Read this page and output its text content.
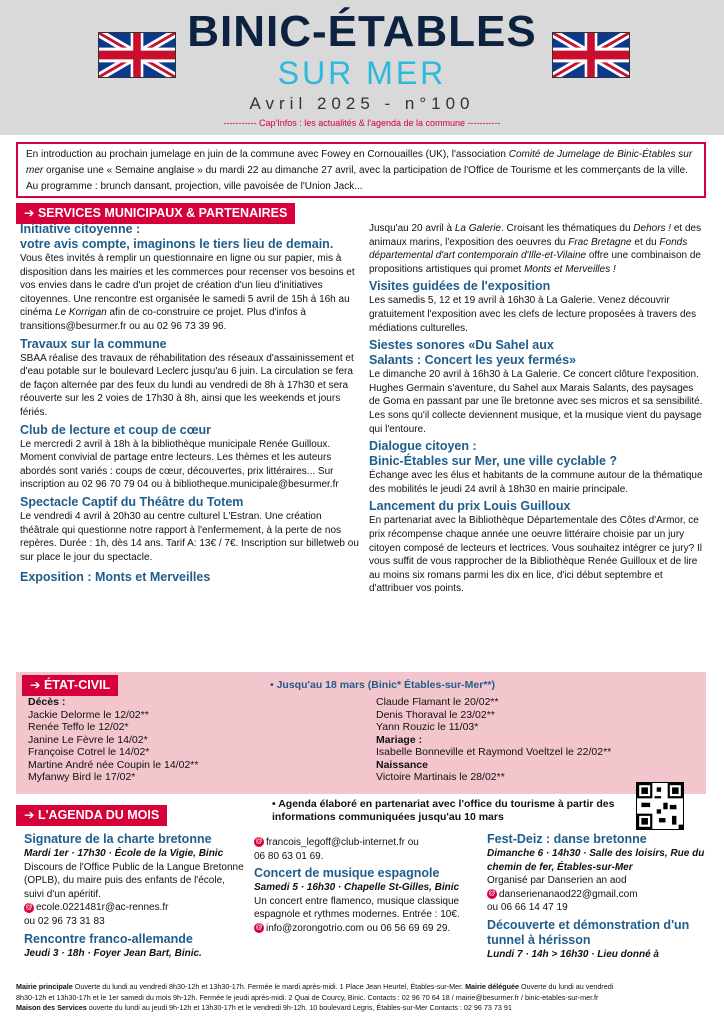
BINIC-ÉTABLES
SUR MER
Avril 2025 - n°100
----------- Cap'Infos : les actualités & l'agenda de la commune -----------
En introduction au prochain jumelage en juin de la commune avec Fowey en Cornouailles (UK), l'association Comité de Jumelage de Binic-Étables sur mer organise une « Semaine anglaise » du mardi 22 au dimanche 27 avril, avec la participation de l'Office de Tourisme et les commerçants de la ville. Au programme : brunch dansant, projection, ville pavoisée de l'Union Jack...
➔ SERVICES MUNICIPAUX & PARTENAIRES
Initiative citoyenne :
votre avis compte, imaginons le tiers lieu de demain.

Vous êtes invités à remplir un questionnaire en ligne ou sur papier, mis à disposition dans les mairies et les commerces pour recenser vos besoins et vos envies dans le cadre d'un projet de création d'un lieu d'initiatives citoyennes. Une rencontre est organisée le samedi 5 avril de 15h à 16h au cinéma Le Korrigan afin de co-construire ce projet. Plus d'infos à transitions@besurmer.fr ou au 02 96 73 39 96.

Travaux sur la commune

SBAA réalise des travaux de réhabilitation des réseaux d'assainissement et d'eau potable sur le boulevard Leclerc jusqu'au 6 juin. La circulation se fera de façon alternée par des feux du lundi au vendredi de 8h à 17h30 et sera réouverte sur les 2 voies de 17h30 à 8h, ainsi que les weekends et jours fériés.

Club de lecture et coup de cœur

Le mercredi 2 avril à 18h à la bibliothèque municipale Renée Guilloux. Moment convivial de partage entre lecteurs. Les thèmes et les auteurs abordés sont variés : coups de cœur, découvertes, prix littéraires... Sur inscription au 02 96 70 79 04 ou à bibliotheque.municipale@besurmer.fr

Spectacle Captif du Théâtre du Totem

Le vendredi 4 avril à 20h30 au centre culturel L'Estran. Une création théâtrale qui questionne notre rapport à l'enfermement, à la perte de nos repères. Durée : 1h, dès 14 ans. Tarif A: 13€ / 7€. Inscription sur billetweb ou sur place le jour du spectacle.

Exposition : Monts et Merveilles

Jusqu'au 20 avril à La Galerie. Croisant les thématiques du Dehors ! et des animaux marins, l'exposition des oeuvres du Frac Bretagne et du Fonds départemental d'art contemporain d'Ille-et-Vilaine offre une combinaison de propositions artistiques qui promet Monts et Merveilles !

Visites guidées de l'exposition

Les samedis 5, 12 et 19 avril à 16h30 à La Galerie. Venez découvrir gratuitement l'exposition avec les clefs de lecture proposées à travers des médiations culturelles.

Siestes sonores «Du Sahel aux
Salants : Concert les yeux fermés»

Le dimanche 20 avril à 16h30 à La Galerie. Ce concert clôture l'exposition. Hughes Germain s'aventure, du Sahel aux Marais Salants, des paysages de Goma en passant par une île bretonne avec ses micros et sa sensibilité. Les sons qu'il collecte deviennent musique, et la musique vient du paysage qui l'entoure.

Dialogue citoyen :
Binic-Étables sur Mer, une ville cyclable ?

Échange avec les élus et habitants de la commune autour de la thématique des mobilités le jeudi 24 avril à 18h30 en mairie principale.

Lancement du prix Louis Guilloux

En partenariat avec la Bibliothèque Départementale des Côtes d'Armor, ce prix récompense chaque année une oeuvre littéraire choisie par un jury citoyen composé de lecteurs et lectrices. Vous souhaitez intégrer ce jury? Il vous suffit de vous rapprocher de la Bibliothèque Renée Guilloux et de lire au moins six romans parmi les dix en lice, d'ici début septembre et d'attribuer vos points.

➔ ÉTAT-CIVIL	• Jusqu'au 18 mars (Binic* Étables-sur-Mer**)
Décès :
Jackie Delorme le 12/02**
Renée Teffo le 12/02*
Janine Le Fèvre le 14/02*
Françoise Cotrel le 14/02*
Martine André née Coupin le 14/02**
Myfanwy Bird le 17/02*
Claude Flamant le 20/02**
Denis Thoraval le 23/02**
Yann Rouzic le 11/03*
Mariage :
Isabelle Bonneville et Raymond Voeltzel le 22/02**
Naissance
Victoire Martinais le 28/02**
➔ L'AGENDA DU MOIS
• Agenda élaboré en partenariat avec l'office du tourisme à partir des informations communiquées jusqu'au 10 mars
Signature de la charte bretonne

Mardi 1er · 17h30 · École de la Vigie, Binic

Discours de l'Office Public de la Langue Bretonne (OPLB), du maire puis des enfants de l'école, suivi d'un apéritif.

@ ecole.0221481r@ac-rennes.fr

ou 02 96 73 31 83

Rencontre franco-allemande

Jeudi 3 · 18h · Foyer Jean Bart, Binic.

@ francois_legoff@club-internet.fr ou

06 80 63 01 69.

Concert de musique espagnole

Samedi 5 · 16h30 · Chapelle St-Gilles, Binic

Un concert entre flamenco, musique classique espagnole et rythmes modernes. Entrée : 10€.

@ info@zorongotrio.com ou 06 56 69 69 29.

Fest-Deiz : danse bretonne

Dimanche 6 · 14h30 · Salle des loisirs, Rue du chemin de fer, Étables-sur-Mer

Organisé par Danserien an aod

@ danserienanaod22@gmail.com

ou 06 66 14 47 19

Découverte et démonstration d'un tunnel à hérisson

Lundi 7 · 14h > 16h30 · Lieu donné à

Mairie principale Ouverte du lundi au vendredi 8h30-12h et 13h30-17h. Fermée le mardi après-midi. 1 Place Jean Heurtel, Étables-sur-Mer. Mairie déléguée Ouverte du lundi au vendredi
8h30-12h et 13h30-17h et le 1er samedi du mois 9h-12h. Fermée le jeudi après-midi. 2 Quai de Courcy, Binic. Contacts : 02 96 70 64 18 / mairie@besurmer.fr / binic-etables-sur-mer.fr
Maison des Services ouverte du lundi au jeudi 9h-12h et 13h30-17h et le vendredi 9h-12h. 10 boulevard Legris, Étables-sur-Mer Contacts : 02 96 73 73 91
